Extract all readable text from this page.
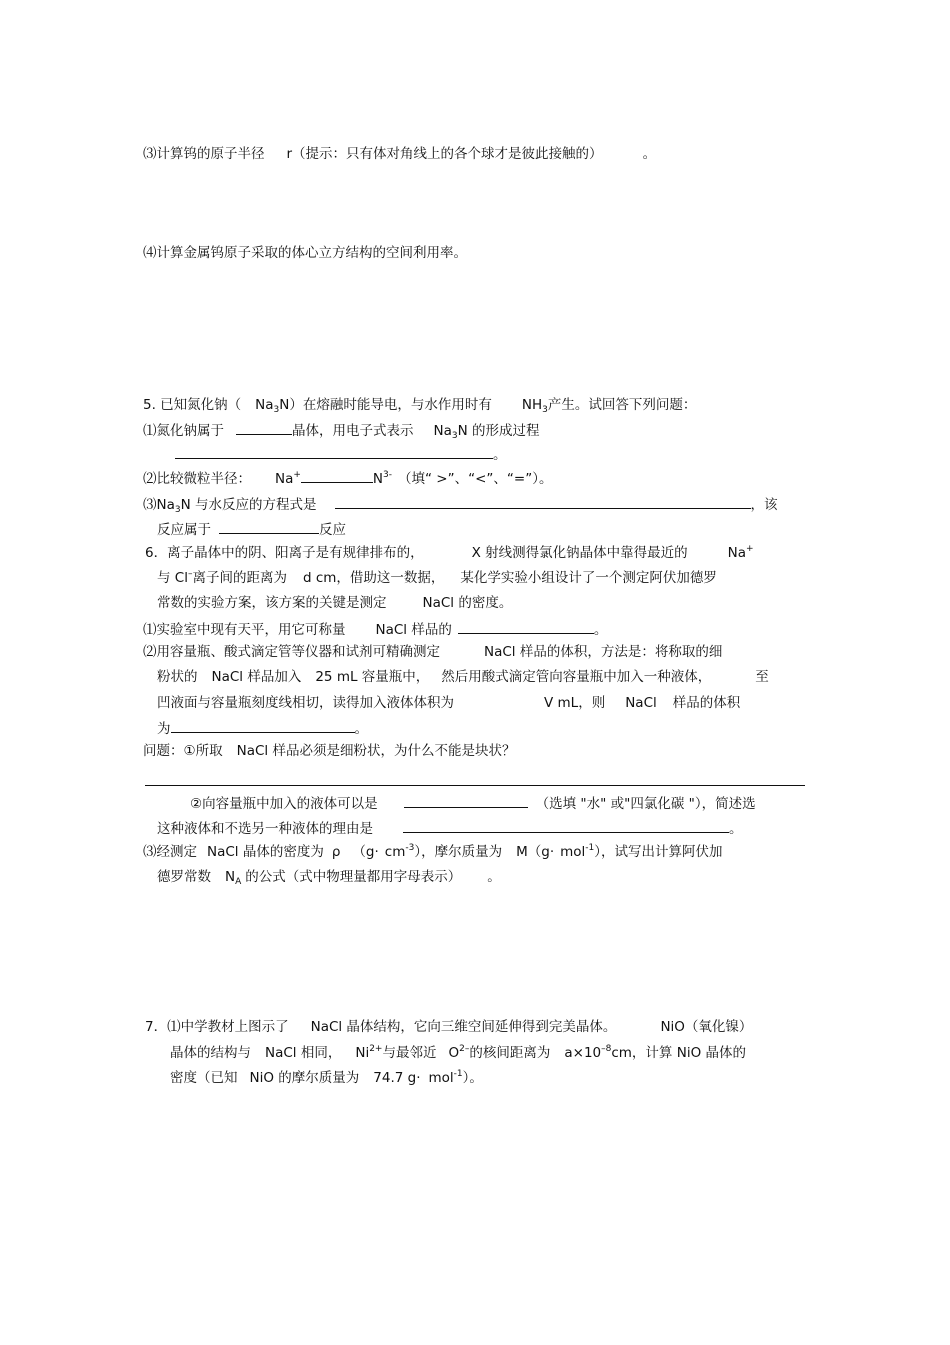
⑶计算钨的原子半径 r（提示：只有体对角线上的各个球才是彼此接触的）	。
⑷计算金属钨原子采取的体心立方结构的空间利用率。
5. 已知氮化钠（ $Na_3N$）在熔融时能导电，与水作用时有 $NH_3$产生。试回答下列问题：
⑴氮化钠属于	晶体，用电子式表示 $Na_3N$ 的形成过程
。
⑵比较微粒半径： Na+	$N^{3-}$ （填“ >”、“<”、“=”）。
$⑶Na_3N$ 与水反应的方程式是	，该
反应属于	反应
6．离子晶体中的阴、阳离子是有规律排布的，	X 射线测得氯化钠晶体中靠得最近的	Na+
与 Cl–离子间的距离为 d cm，借助这一数据， 某化学实验小组设计了一个测定阿伏加德罗
常数的实验方案，该方案的关键是测定	NaCl 的密度。
⑴实验室中现有天平，用它可称量 NaCl 样品的	。
⑵用容量瓶、酸式滴定管等仪器和试剂可精确测定	NaCl 样品的体积，方法是：将称取的细
粉状的 NaCl 样品加入 25 mL 容量瓶中， 然后用酸式滴定管向容量瓶中加入一种液体，	至
凹液面与容量瓶刻度线相切，读得加入液体体积为	V mL，则 NaCl 样品的体积
为	。
问题：①所取 NaCl 样品必须是细粉状，为什么不能是块状？
②向容量瓶中加入的液体可以是	（选填 "水" 或"四氯化碳 "），简述选
这种液体和不选另一种液体的理由是	。
⑶经测定 NaCl 晶体的密度为 ρ $(g\cdot cm^{-3})$，摩尔质量为 M（g· mol$^{-1}$），试写出计算阿伏加
德罗常数 $N_A$ 的公式（式中物理量都用字母表示） 。
7．⑴中学教材上图示了 NaCl 晶体结构，它向三维空间延伸得到完美晶体。	NiO（氧化镍）
晶体的结构与 NaCl 相同， $Ni^{2+}$与最邻近 $O^{2-}$的核间距离为 $a\times 10^{-8}cm$，计算 NiO 晶体的
密度（已知 NiO 的摩尔质量为 74.7 g· mol$^{-1}$）。
